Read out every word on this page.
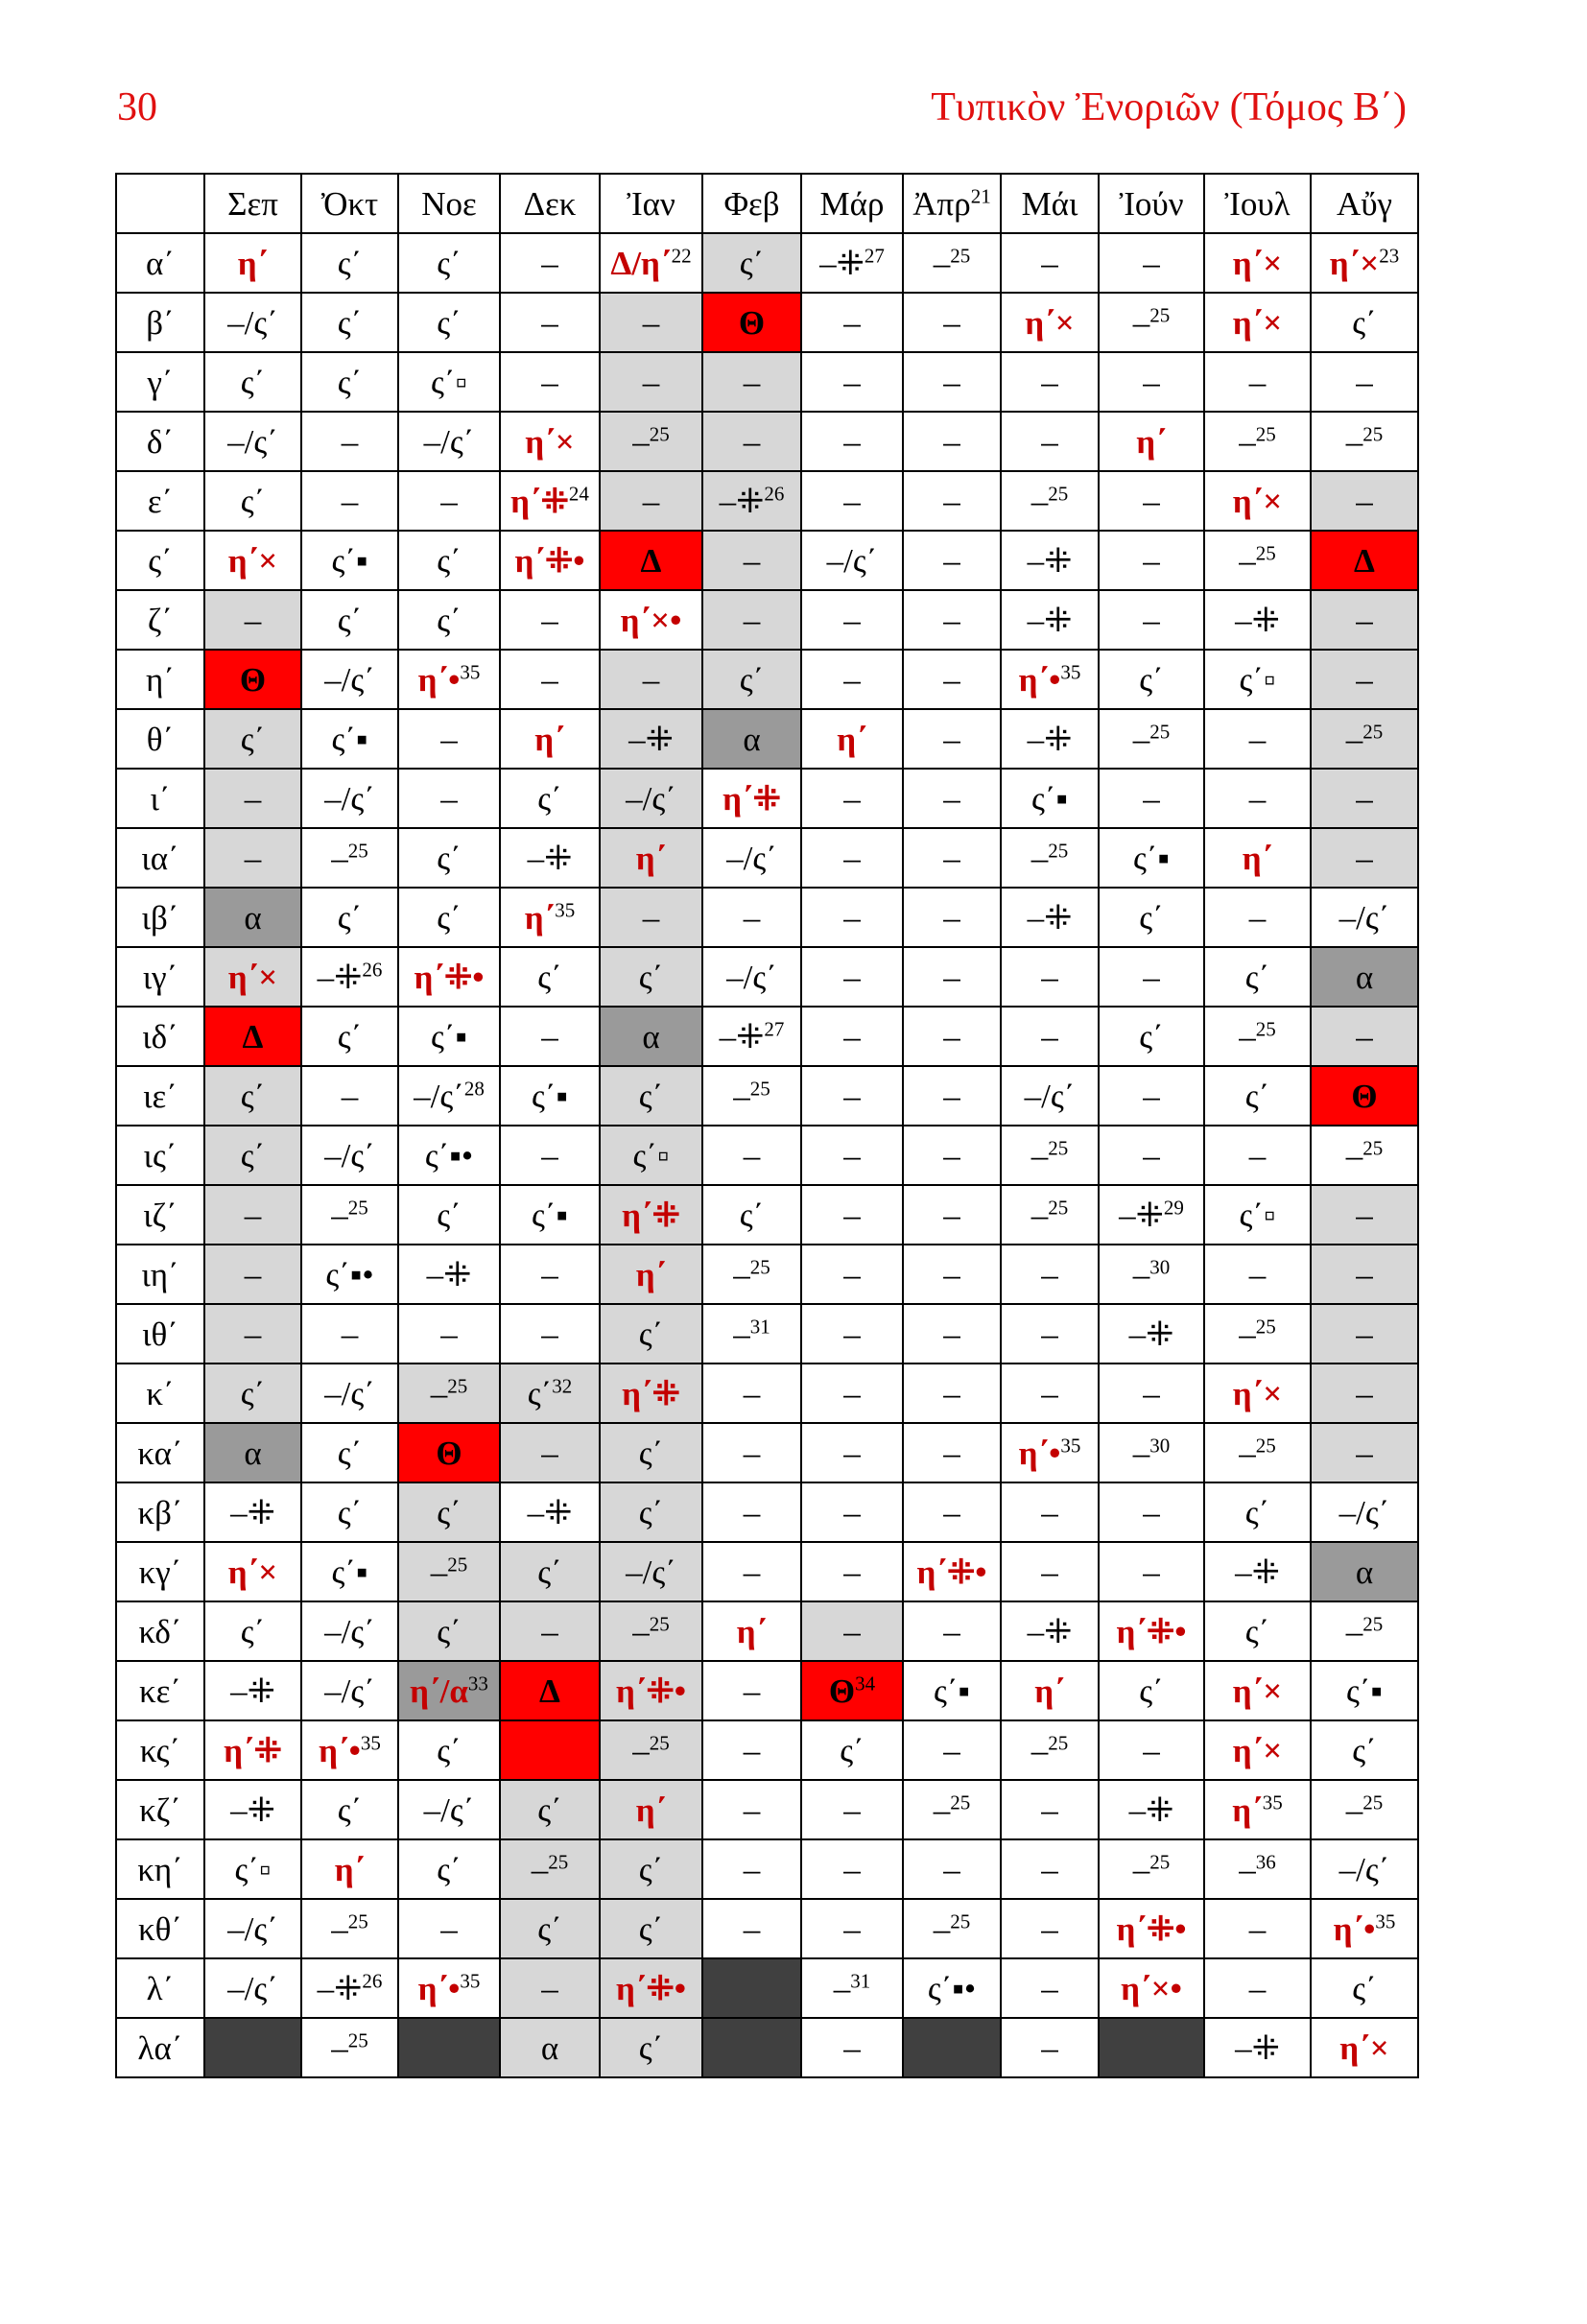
30	Τυπικὸν Ἐνοριῶν (Τόμος Β΄)
	Σεπ	Ὀκτ	Νοε	Δεκ	Ἰαν	Φεβ	Μάρ	Ἀπρ$^{21}$	Μάι	Ἰούν	Ἰουλ	Αὔγ
α΄	η΄	ς΄	ς΄	–	Δ/η΄$^{22}$	ς΄	–⁜$^{27}$	–$^{25}$	–	–	η΄×	η΄×$^{23}$
β΄	–/ς΄	ς΄	ς΄	–	–	Θ	–	–	η΄×	–$^{25}$	η΄×	ς΄
γ΄	ς΄	ς΄	ς΄▫	–	–	–	–	–	–	–	–	–
δ΄	–/ς΄	–	–/ς΄	η΄×	–$^{25}$	–	–	–	–	η΄	–$^{25}$	–$^{25}$
ε΄	ς΄	–	–	η΄⁜$^{24}$	–	–⁜$^{26}$	–	–	–$^{25}$	–	η΄×	–
ς΄	η΄×	ς΄▪	ς΄	η΄⁜•	Δ	–	–/ς΄	–	–⁜	–	–$^{25}$	Δ
ζ΄	–	ς΄	ς΄	–	η΄×•	–	–	–	–⁜	–	–⁜	–
η΄	Θ	–/ς΄	η΄•$^{35}$	–	–	ς΄	–	–	η΄•$^{35}$	ς΄	ς΄▫	–
θ΄	ς΄	ς΄▪	–	η΄	–⁜	α	η΄	–	–⁜	–$^{25}$	–	–$^{25}$
ι΄	–	–/ς΄	–	ς΄	–/ς΄	η΄⁜	–	–	ς΄▪	–	–	–
ια΄	–	–$^{25}$	ς΄	–⁜	η΄	–/ς΄	–	–	–$^{25}$	ς΄▪	η΄	–
ιβ΄	α	ς΄	ς΄	η΄$^{35}$	–	–	–	–	–⁜	ς΄	–	–/ς΄
ιγ΄	η΄×	–⁜$^{26}$	η΄⁜•	ς΄	ς΄	–/ς΄	–	–	–	–	ς΄	α
ιδ΄	Δ	ς΄	ς΄▪	–	α	–⁜$^{27}$	–	–	–	ς΄	–$^{25}$	–
ιε΄	ς΄	–	–/ς΄$^{28}$	ς΄▪	ς΄	–$^{25}$	–	–	–/ς΄	–	ς΄	Θ
ις΄	ς΄	–/ς΄	ς΄▪•	–	ς΄▫	–	–	–	–$^{25}$	–	–	–$^{25}$
ιζ΄	–	–$^{25}$	ς΄	ς΄▪	η΄⁜	ς΄	–	–	–$^{25}$	–⁜$^{29}$	ς΄▫	–
ιη΄	–	ς΄▪•	–⁜	–	η΄	–$^{25}$	–	–	–	–$^{30}$	–	–
ιθ΄	–	–	–	–	ς΄	–$^{31}$	–	–	–	–⁜	–$^{25}$	–
κ΄	ς΄	–/ς΄	–$^{25}$	ς΄$^{32}$	η΄⁜	–	–	–	–	–	η΄×	–
κα΄	α	ς΄	Θ	–	ς΄	–	–	–	η΄•$^{35}$	–$^{30}$	–$^{25}$	–
κβ΄	–⁜	ς΄	ς΄	–⁜	ς΄	–	–	–	–	–	ς΄	–/ς΄
κγ΄	η΄×	ς΄▪	–$^{25}$	ς΄	–/ς΄	–	–	η΄⁜•	–	–	–⁜	α
κδ΄	ς΄	–/ς΄	ς΄	–	–$^{25}$	η΄	–	–	–⁜	η΄⁜•	ς΄	–$^{25}$
κε΄	–⁜	–/ς΄	$\eta΄/\alpha^{33}$	Δ	η΄⁜•	–	$\Theta^{34}$	ς΄▪	η΄	ς΄	η΄×	ς΄▪
κς΄	η΄⁜	η΄•$^{35}$	ς΄		–$^{25}$	–	ς΄	–	–$^{25}$	–	η΄×	ς΄
κζ΄	–⁜	ς΄	–/ς΄	ς΄	η΄	–	–	–$^{25}$	–	–⁜	η΄$^{35}$	–$^{25}$
κη΄	ς΄▫	η΄	ς΄	–$^{25}$	ς΄	–	–	–	–	–$^{25}$	–$^{36}$	–/ς΄
κθ΄	–/ς΄	–$^{25}$	–	ς΄	ς΄	–	–	–$^{25}$	–	η΄⁜•	–	η΄•$^{35}$
λ΄	–/ς΄	–⁜$^{26}$	η΄•$^{35}$	–	η΄⁜•		–$^{31}$	ς΄▪•	–	η΄×•	–	ς΄
λα΄		–$^{25}$		α	ς΄		–		–		–⁜	η΄×
